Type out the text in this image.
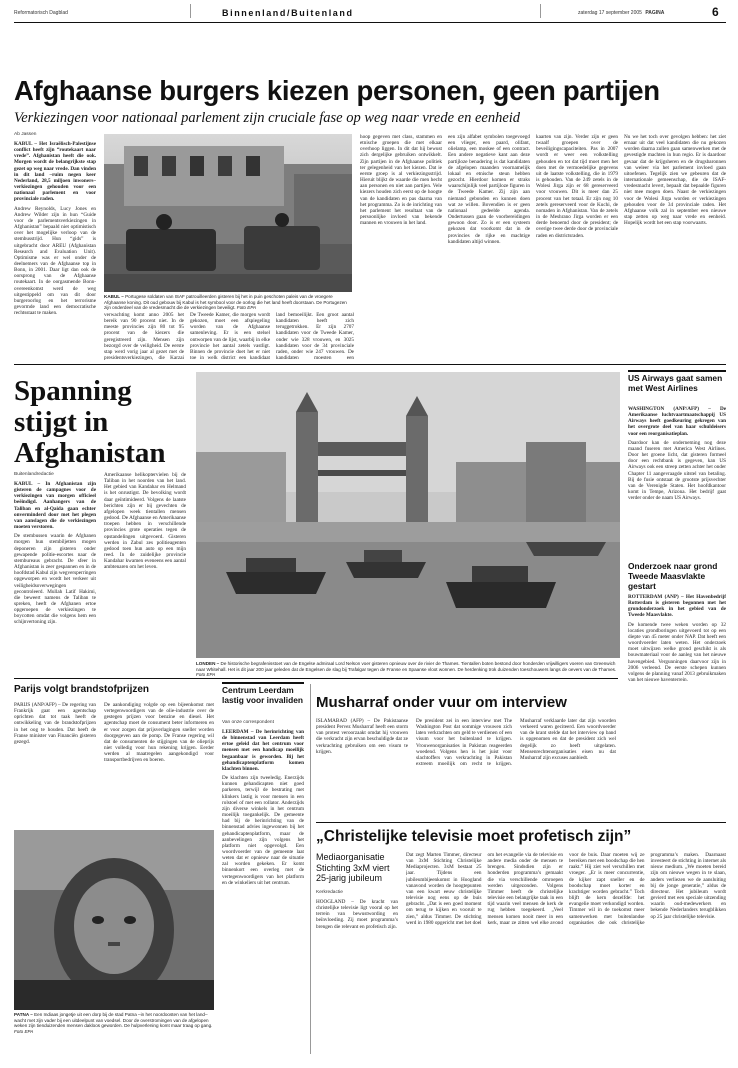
Reformatorisch Dagblad	Binnenland/Buitenland	zaterdag 17 september 2005 PAGINA	6
Afghaanse burgers kiezen personen, geen partijen
Verkiezingen voor nationaal parlement zijn cruciale fase op weg naar vrede en eenheid
Ab Jassen

KABUL – Het Israëlisch-Palestijnse conflict heeft zijn “routekaart naar vrede”. Afghanistan heeft die ook. Morgen wordt de belangrijkste stap gezet op weg naar vrede. Dan vinden in dit land –ruim negen keer Nederland, 28,5 miljoen inwoners– verkiezingen gehouden voor een nationaal parlement en voor provinciale raden.

Andrew Reynolds, Lucy Jones en Andrew Wilder zijn in hun “Guide voor de parlementsverkiezingen in Afghanistan” bepaald niet optimistisch over het mogelijke verloop van de stembusstrijd. Hun “gids” is uitgebracht door AREU (Afghanistan Research and Evaluation Unit). Optimisme was er wel onder de deelnemers van de Afghaanse top in Bonn, in 2001. Daar ligt dan ook de oorsprong van de Afghaanse routekaart. In de oorgasmende Bonn-overeenkomst werd de weg uitgestippeld om van dit door burgeroorlog en het terrorisme gevormde land een democratische rechtsstaat te maken.

KABUL – Portugese soldaten van ISAF patrouilleerden gisteren bij het in puin geschoten paleis van de vroegere Afghaanse koning. Dit oud gebouw bij Kabul is het symbool voor de oorlog die het land heeft doorstaan. De Portugezen zijn onderdeel van de vredesmacht die de verkiezingen beveiligt. Foto EPA
verwachting komt anno 2005 het bereik van 90 procent niet. In de meeste provincies zijn 80 tot 95 procent van de kiezers die geregistreerd zijn. Mensen zijn bezorgd over de veiligheid. De eerste stap werd vorig jaar al gezet met de presidentsverkiezingen, die Karzai
De Tweede Kamer, die morgen wordt gekozen, moet een afspiegeling worden van de Afghaanse samenleving. Er is een stelsel ontworpen van de lijst, waarbij in elke provincie het aantal zetels vastligt. Binnen de provincie doet het er niet toe in welk district een kandidaat
land bemoeilijkt. Een groot aantal kandidaten heeft zich teruggetrokken. Er zijn 2707 kandidaten voor de Tweede Kamer, onder wie 328 vrouwen, en 3025 kandidaten voor de 34 provinciale raden, onder wie 247 vrouwen. De kandidaten moesten een
hoop gegeven met class, stammen en etnische groepen die met elkaar overhoop liggen. In dit dat hij bewust zich dergelijke gebruiken ontwikkelt. Zijn partijen in de Afghaanse politiek ter gelegenheid van het kiezen. Dat ie eerste groep is al verkiezingsstrijd. Hieruit blijkt de waarde die men hecht aan personen en niet aan partijen. Vele kiezers houden zich eerst op de hoogte van de kandidaten en pas daarna van het programma. Zo is de inrichting van het parlement het resultaat van de persoonlijke invloed van bekende mannen en vrouwen in het land.
een zijn alfabet symbolen toegevoegd een vlieger, een paard, olifant, olielamp, een moskee of een contract. Een andere negatieve kant aan deze partijloze benadering is dat kandidaten de afgelopen maanden voornamelijk lokaal en etnische steun hebben gezocht. Hierdoor komen er straks waarschijnlijk veel partijloze figuren in de Tweede Kamer. Zij zijn aan niemand gebonden en kunnen doen wat ze willen. Bovendien is er geen nationaal gedeelde agenda. Ondertussen gaan de voorbereidingen gewoon door. Zo is er een systeem gekozen dat voorkomt dat in de provincies de rijke en machtige kandidaten altijd winnen.
kaarten van zijn. Verder zijn er geen twaalf groepen over de beveiligingscapaciteiten. Pas in 2007 wordt er weer een volkstelling gehouden en tot dat tijd moet men het doen met de vermoedelijke gegevens uit de laatste volkstelling, die in 1979 is gehouden. Van de 249 zetels in de Wolesi Jirga zijn er 68 gereserveerd voor vrouwen. Dit is meer dan 25 procent van het totaal. Er zijn nog 10 zetels gereserveerd voor de Kuchi, de nomaden in Afghanistan. Van de zetels in de Meshrano Jirga worden er een derde benoemd door de president; de overige twee derde door de provinciale raden en districtsraden.
Nu we het toch over gevolgen hebben: het ziet ernaar uit dat veel kandidaten die nu gekozen worden daarna zullen gaan samenwerken met de gevestigde machten in hun regio. Er is daardoor gevaar dat de krijgsheren en de drugsbaronnen van weleer via het parlement invloed gaan uitoefenen. Tegelijk zien we gebeuren dat de internationale gemeenschap, die de ISAF-vredesmacht levert, bepaalt dat bepaalde figuren niet mee mogen doen. Naast de verkiezingen voor de Wolesi Jirga worden er verkiezingen gehouden voor de 34 provinciale raden. Het Afghaanse volk zal in september een nieuwe stap zetten op weg naar vrede en eenheid. Hopelijk wordt het een stap voorwaarts.
Spanning stijgt in Afghanistan
Buitenlandredactie

KABUL – In Afghanistan zijn gisteren de campagnes voor de verkiezingen van morgen officieel beëindigd. Aanhangers van de Taliban en al-Qaida gaan echter onverminderd door met het plegen van aanslagen die de verkiezingen moeten verstoren.

De stembussen waarin de Afghanen morgen hun stembiljetten mogen deponeren zijn gisteren onder gewapende politie-escortes naar de stembureaus gebracht. De sfeer in Afghanistan is zeer gespannen en in de hoofdstad Kabul zijn wegversperringen opgeworpen en wordt het verkeer uit veiligheidsoverwegingen gecontroleerd. Mullah Latif Hakimi, die beweert namens de Taliban te spreken, heeft de Afghanen ertoe opgeroepen de verkiezingen te boycotten omdat die volgens hem een schijnvertoning zijn.

Amerikaanse helikoptervielen bij de Taliban in het noorden van het land. Het gebied van Kandahar en Helmand is het onrustigst. De bevolking wordt daar geïntimideerd. Volgens de laatste berichten zijn er bij gevechten de afgelopen week tientallen mensen gedood. De Afghaanse en Amerikaanse troepen hebben in verschillende provincies grote operaties tegen de opstandelingen uitgevoerd. Gisteren werden in Zabul zes politieagenten gedood toen hun auto op een mijn reed. In de zuidelijke provincie Kandahar kwamen eveneens een aantal ambtenaren om het leven.
LONDEN – De historische begrafenisstoet van de Engelse admiraal Lord Nelson voer gisteren opnieuw over de rivier de Thames. Tientallen boten bestond door honderden vrijwilligers voeren van Greenwich naar Whitehall. Het is dit jaar 200 jaar geleden dat de Engelsen de slag bij Trafalgar tegen de Franse en Spaanse vloot wonnen. De herdenking trok duizenden toeschouwers langs de oevers van de Thames. Foto EPA
US Airways gaat samen met West Airlines

WASHINGTON (ANP/AFP) – De Amerikaanse luchtvaartmaatschappij US Airways heeft goedkeuring gekregen van het overgrote deel van haar schuldeisers voor een reorganisatieplan.

Daardoor kan de onderneming nog deze maand fuseren met America West Airlines. Door het groene licht, dat gisteren formeel door een rechtbank is gegeven, kan US Airways ook een streep zetten achter het onder Chapter 11 aangevraagde uitstel van betaling. Bij de fusie ontstaat de grootste prijsvechter van de Verenigde Staten. Het hoofdkantoor komt in Tempe, Arizona. Het bedrijf gaat verder onder de naam US Airways.

Onderzoek naar grond Tweede Maasvlakte gestart

ROTTERDAM (ANP) – Het Havenbedrijf Rotterdam is gisteren begonnen met het grondonderzoek in het gebied van de Tweede Maasvlakte.

De komende twee weken worden op 32 locaties grondboringen uitgevoerd tot op een diepte van 45 meter onder NAP. Dat heeft een woordvoerder laten weten. Het onderzoek moet uitwijzen welke grond geschikt is als bouwmateriaal voor de aanleg van het nieuwe havengebied. Vergunningen daarvoor zijn in 2006 verleend. De eerste schepen kunnen volgens de planning vanaf 2013 gebruikmaken van het nieuwe haventerrein.

Parijs volgt brandstofprijzen
PARIJS (ANP/AFP) – De regering van Frankrijk gaat een agentschap oprichten dat tot taak heeft de ontwikkeling van de brandstofprijzen in het oog te houden. Dat heeft de Franse minister van Financiën gisteren gezegd.
De aankondiging volgde op een bijeenkomst met vertegenwoordigers van de olie-industrie over de gestegen prijzen voor benzine en diesel. Het agentschap moet de consument beter informeren en er voor zorgen dat prijsverlagingen sneller worden doorgegeven aan de pomp. De Franse regering wil dat de consumenten de stijgingen van de olieprijs niet volledig voor hun rekening krijgen. Eerder werden al maatregelen aangekondigd voor transportbedrijven en boeren.
PATNA – Een Indiaas jongetje uit een dorp bij de stad Patna –in het noordoosten van het land– wacht met zijn vader bij een uitdeelpunt van voedsel. Door de overstromingen van de afgelopen weken zijn tienduizenden mensen dakloos geworden. De hulpverlening komt maar traag op gang. Foto EPA
Centrum Leerdam lastig voor invaliden
Van onze correspondent

LEERDAM – De herinrichting van de binnenstad van Leerdam heeft ertoe geleid dat het centrum voor mensen met een handicap moeilijk begaanbaar is geworden. Bij het gehandicaptenplatform komen klachten binnen.

De klachten zijn tweeledig. Enerzijds kunnen gehandicapten niet goed parkeren, terwijl de bestrating met klinkers lastig is voor mensen in een rolstoel of met een rollator. Anderzijds zijn diverse winkels in het centrum moeilijk toegankelijk. De gemeente had bij de herinrichting van de binnenstad advies ingewonnen bij het gehandicaptenplatform, maar de aanbevelingen zijn volgens het platform niet opgevolgd. Een woordvoerder van de gemeente laat weten dat er opnieuw naar de situatie zal worden gekeken. Er komt binnenkort een overleg met de vertegenwoordigers van het platform en de winkeliers uit het centrum.

Musharraf onder vuur om interview
ISLAMABAD (AFP) – De Pakistaanse president Pervez Musharraf heeft een storm van protest veroorzaakt omdat hij vrouwen die verkracht zijn ervan beschuldigde dat ze verkrachting gebruiken om een visum te krijgen.
De president zei in een interview met The Washington Post dat sommige vrouwen zich laten verkrachten om geld te verdienen of een visum voor het buitenland te krijgen. Vrouwenorganisaties in Pakistan reageerden woedend. Volgens hen is het juist voor slachtoffers van verkrachting in Pakistan extreem moeilijk om recht te krijgen. Musharraf verklaarde later dat zijn woorden verkeerd waren geciteerd. Een woordvoerder van de krant stelde dat het interview op band is opgenomen en dat de president zich wel degelijk zo heeft uitgelaten. Mensenrechtenorganisaties eisen nu dat Musharraf zijn excuses aanbiedt.
„Christelijke televisie moet profetisch zijn”
Mediaorganisatie Stichting 3xM viert 25-jarig jubileum
Kerkredactie
HOOGLAND – De kracht van christelijke televisie ligt vooral op het terrein van bewustwording en beïnvloeding. Zij moet programma’s brengen die relevant en profetisch zijn.
Dat zegt Marten Timmer, directeur van 3xM Stichting Christelijke Mediaprojecten. 3xM bestaat 25 jaar. Tijdens een jubileumbijeenkomst in Hoogland vanavond worden de hoogtepunten van een kwart eeuw christelijke televisie nog eens op de buis gebracht. „Dat is een goed moment om terug te kijken en vooruit te zien,” aldus Timmer. De stichting werd in 1980 opgericht met het doel om het evangelie via de televisie en andere media onder de mensen te brengen. Sindsdien zijn er honderden programma’s gemaakt die via verschillende omroepen werden uitgezonden. Volgens Timmer heeft de christelijke televisie een belangrijke taak in een tijd waarin veel mensen de kerk de rug hebben toegekeerd. „Veel mensen komen nooit meer in een kerk, maar ze zitten wel elke avond voor de buis. Daar moeten wij ze bereiken met een boodschap die hen raakt.” Hij ziet wel verschillen met vroeger. „Er is meer concurrentie, de kijker zapt sneller en de boodschap moet korter en krachtiger worden gebracht.” Toch blijft de kern dezelfde: het evangelie moet verkondigd worden. Timmer wil in de toekomst meer samenwerken met buitenlandse organisaties die ook christelijke programma’s maken. Daarnaast investeert de stichting in internet als nieuw medium. „We moeten bereid zijn om nieuwe wegen in te slaan, anders verliezen we de aansluiting bij de jonge generatie,” aldus de directeur. Het jubileum wordt gevierd met een speciale uitzending waarin oud-medewerkers en bekende Nederlanders terugblikken op 25 jaar christelijke televisie.
